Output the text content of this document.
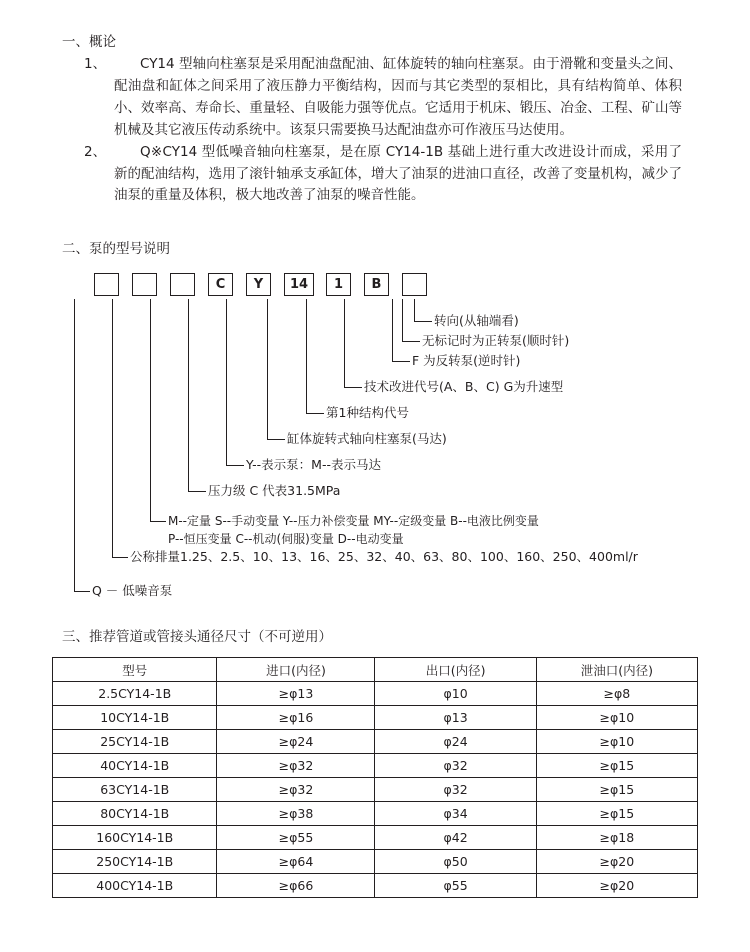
一、概论
1、	CY14 型轴向柱塞泵是采用配油盘配油、缸体旋转的轴向柱塞泵。由于滑靴和变量头之间、配油盘和缸体之间采用了液压静力平衡结构，因而与其它类型的泵相比，具有结构简单、体积小、效率高、寿命长、重量轻、自吸能力强等优点。它适用于机床、锻压、冶金、工程、矿山等机械及其它液压传动系统中。该泵只需要换马达配油盘亦可作液压马达使用。
2、	Q※CY14 型低噪音轴向柱塞泵，是在原 CY14-1B 基础上进行重大改进设计而成，采用了新的配油结构，选用了滚针轴承支承缸体，增大了油泵的进油口直径，改善了变量机构，减少了油泵的重量及体积，极大地改善了油泵的噪音性能。
二、泵的型号说明
C	Y	14	1	B
转向(从轴端看)
无标记时为正转泵(顺时针)
F 为反转泵(逆时针)
技术改进代号(A、B、C) G为升速型
第1种结构代号
缸体旋转式轴向柱塞泵(马达)
Y--表示泵：M--表示马达
压力级 C 代表31.5MPa
M--定量 S--手动变量 Y--压力补偿变量 MY--定级变量 B--电液比例变量
P--恒压变量 C--机动(伺服)变量 D--电动变量
公称排量1.25、2.5、10、13、16、25、32、40、63、80、100、160、250、400ml/r
Q － 低噪音泵
三、推荐管道或管接头通径尺寸（不可逆用）
型号	进口(内径)	出口(内径)	泄油口(内径)
2.5CY14-1B	≥φ13	φ10	≥φ8
10CY14-1B	≥φ16	φ13	≥φ10
25CY14-1B	≥φ24	φ24	≥φ10
40CY14-1B	≥φ32	φ32	≥φ15
63CY14-1B	≥φ32	φ32	≥φ15
80CY14-1B	≥φ38	φ34	≥φ15
160CY14-1B	≥φ55	φ42	≥φ18
250CY14-1B	≥φ64	φ50	≥φ20
400CY14-1B	≥φ66	φ55	≥φ20
